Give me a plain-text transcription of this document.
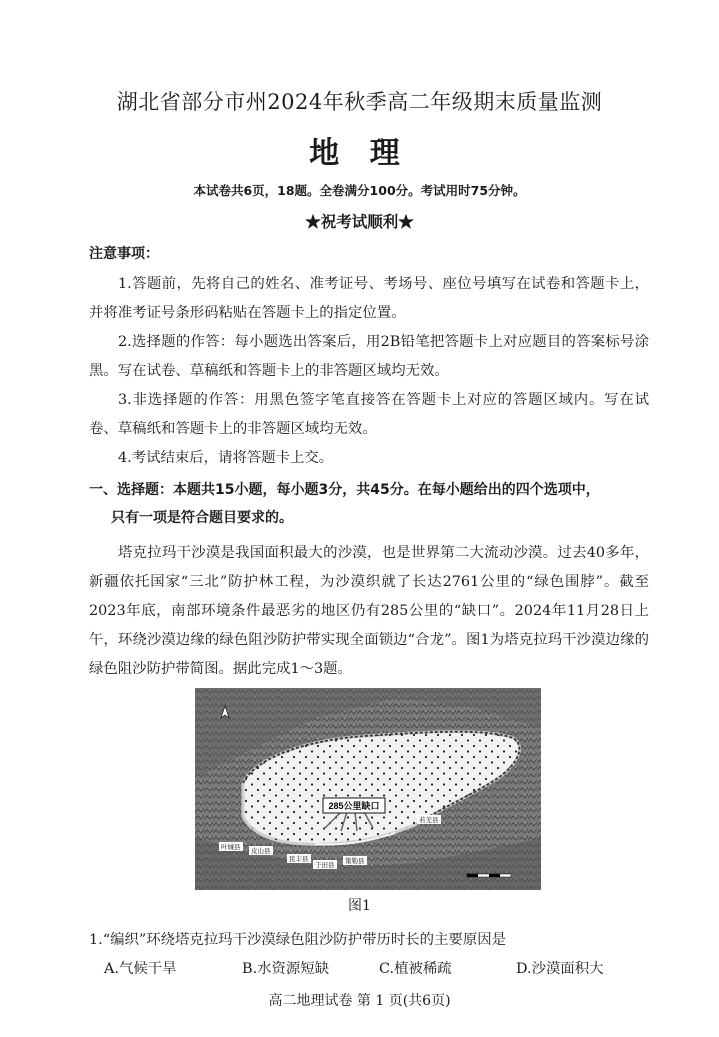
湖北省部分市州2024年秋季高二年级期末质量监测
地 理
本试卷共6页，18题。全卷满分100分。考试用时75分钟。
★祝考试顺利★
注意事项：

1.答题前，先将自己的姓名、准考证号、考场号、座位号填写在试卷和答题卡上，并将准考证号条形码粘贴在答题卡上的指定位置。

2.选择题的作答：每小题选出答案后，用2B铅笔把答题卡上对应题目的答案标号涂黑。写在试卷、草稿纸和答题卡上的非答题区域均无效。

3.非选择题的作答：用黑色签字笔直接答在答题卡上对应的答题区域内。写在试卷、草稿纸和答题卡上的非答题区域均无效。

4.考试结束后，请将答题卡上交。

一、选择题：本题共15小题，每小题3分，共45分。在每小题给出的四个选项中，
只有一项是符合题目要求的。

塔克拉玛干沙漠是我国面积最大的沙漠，也是世界第二大流动沙漠。过去40多年，新疆依托国家“三北”防护林工程，为沙漠织就了长达2761公里的“绿色围脖”。截至2023年底，南部环境条件最恶劣的地区仍有285公里的“缺口”。2024年11月28日上午，环绕沙漠边缘的绿色阻沙防护带实现全面锁边“合龙”。图1为塔克拉玛干沙漠边缘的绿色阻沙防护带简图。据此完成1～3题。

285公里缺口
叶城县
皮山县
民丰县
于田县
策勒县
若羌县
图1
1.“编织”环绕塔克拉玛干沙漠绿色阻沙防护带历时长的主要原因是
A.气候干旱	B.水资源短缺	C.植被稀疏	D.沙漠面积大
高二地理试卷 第 1 页(共6页)
